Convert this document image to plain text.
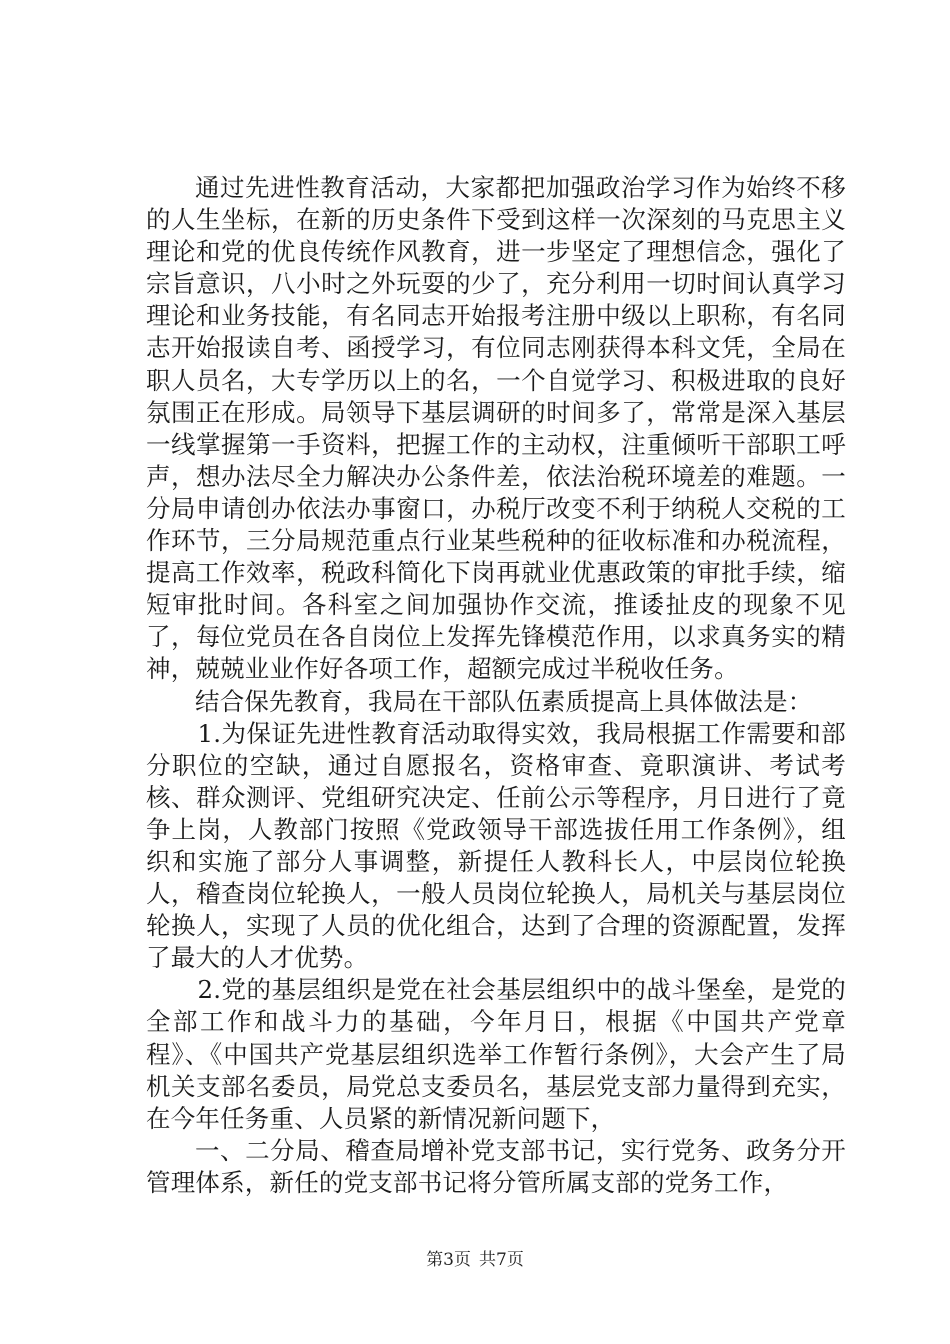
通过先进性教育活动，大家都把加强政治学习作为始终不移的人生坐标，在新的历史条件下受到这样一次深刻的马克思主义理论和党的优良传统作风教育，进一步坚定了理想信念，强化了宗旨意识，八小时之外玩耍的少了，充分利用一切时间认真学习理论和业务技能，有名同志开始报考注册中级以上职称，有名同志开始报读自考、函授学习，有位同志刚获得本科文凭，全局在职人员名，大专学历以上的名，一个自觉学习、积极进取的良好氛围正在形成。局领导下基层调研的时间多了，常常是深入基层一线掌握第一手资料，把握工作的主动权，注重倾听干部职工呼声，想办法尽全力解决办公条件差，依法治税环境差的难题。一分局申请创办依法办事窗口，办税厅改变不利于纳税人交税的工作环节，三分局规范重点行业某些税种的征收标准和办税流程，提高工作效率，税政科简化下岗再就业优惠政策的审批手续，缩短审批时间。各科室之间加强协作交流，推诿扯皮的现象不见了，每位党员在各自岗位上发挥先锋模范作用，以求真务实的精神，兢兢业业作好各项工作，超额完成过半税收任务。

结合保先教育，我局在干部队伍素质提高上具体做法是：

1.为保证先进性教育活动取得实效，我局根据工作需要和部分职位的空缺，通过自愿报名，资格审查、竟职演讲、考试考核、群众测评、党组研究决定、任前公示等程序，月日进行了竟争上岗，人教部门按照《党政领导干部选拔任用工作条例》，组织和实施了部分人事调整，新提任人教科长人，中层岗位轮换人，稽查岗位轮换人，一般人员岗位轮换人，局机关与基层岗位轮换人，实现了人员的优化组合，达到了合理的资源配置，发挥了最大的人才优势。

2.党的基层组织是党在社会基层组织中的战斗堡垒，是党的全部工作和战斗力的基础，今年月日，根据《中国共产党章程》、《中国共产党基层组织选举工作暂行条例》，大会产生了局机关支部名委员，局党总支委员名，基层党支部力量得到充实，在今年任务重、人员紧的新情况新问题下，

一、二分局、稽查局增补党支部书记，实行党务、政务分开管理体系，新任的党支部书记将分管所属支部的党务工作，

第3页 共7页
